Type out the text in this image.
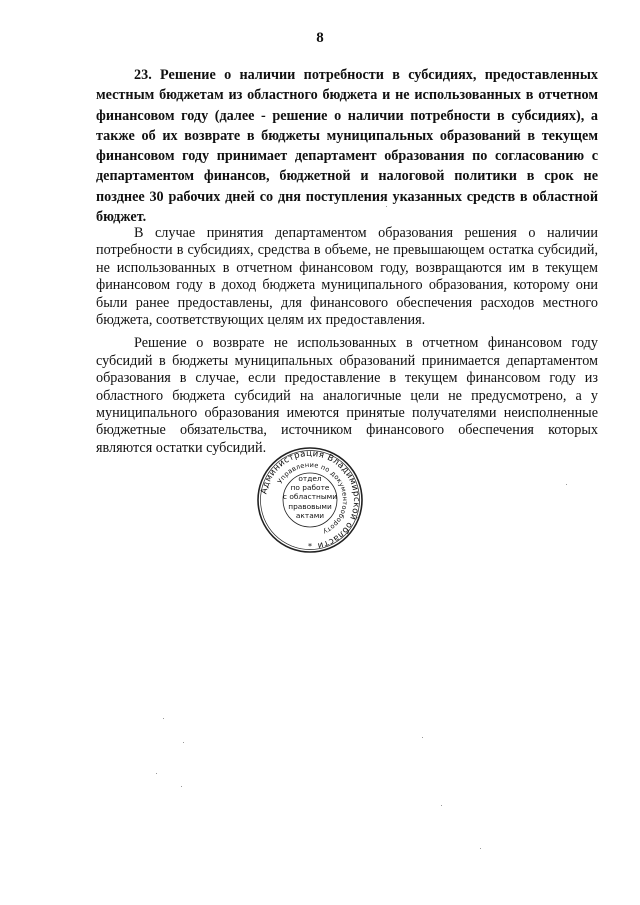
8

23. Решение о наличии потребности в субсидиях, предоставленных местным бюджетам из областного бюджета и не использованных в отчетном финансовом году (далее - решение о наличии потребности в субсидиях), а также об их возврате в бюджеты муниципальных образований в текущем финансовом году принимает департамент образования по согласованию с департаментом финансов, бюджетной и налоговой политики в срок не позднее 30 рабочих дней со дня поступления указанных средств в областной бюджет.

В случае принятия департаментом образования решения о наличии потребности в субсидиях, средства в объеме, не превышающем остатка субсидий, не использованных в отчетном финансовом году, возвращаются им в текущем финансовом году в доход бюджета муниципального образования, которому они были ранее предоставлены, для финансового обеспечения расходов местного бюджета, соответствующих целям их предоставления.

Решение о возврате не использованных в отчетном финансовом году субсидий в бюджеты муниципальных образований принимается департаментом образования в случае, если предоставление в текущем финансовом году из областного бюджета субсидий на аналогичные цели не предусмотрено, а у муниципального образования имеются принятые получателями неисполненные бюджетные обязательства, источником финансового обеспечения которых являются остатки субсидий.

Администрация Владимирской области
Управление по документообороту
*
отдел
по работе
с областными
правовыми
актами
